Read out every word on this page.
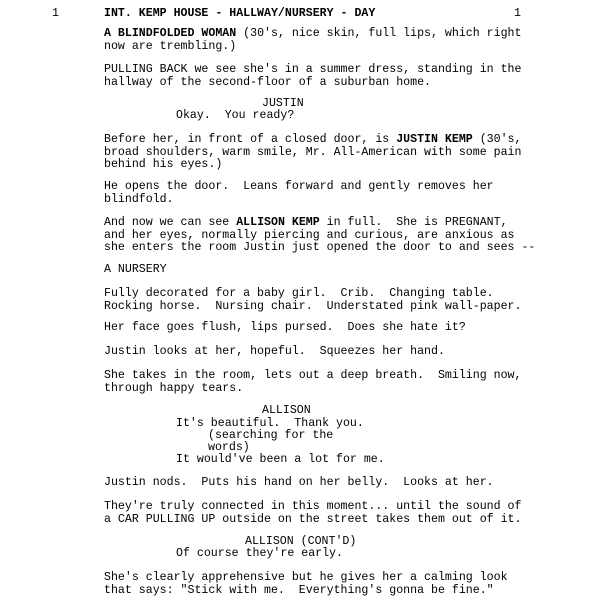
1	1
INT. KEMP HOUSE - HALLWAY/NURSERY - DAY
A BLINDFOLDED WOMAN (30's, nice skin, full lips, which right
now are trembling.)
PULLING BACK we see she's in a summer dress, standing in the
hallway of the second-floor of a suburban home.
JUSTIN
Okay.  You ready?
Before her, in front of a closed door, is JUSTIN KEMP (30's,
broad shoulders, warm smile, Mr. All-American with some pain
behind his eyes.)
He opens the door.  Leans forward and gently removes her
blindfold.
And now we can see ALLISON KEMP in full.  She is PREGNANT,
and her eyes, normally piercing and curious, are anxious as
she enters the room Justin just opened the door to and sees --
A NURSERY
Fully decorated for a baby girl.  Crib.  Changing table.
Rocking horse.  Nursing chair.  Understated pink wall-paper.
Her face goes flush, lips pursed.  Does she hate it?
Justin looks at her, hopeful.  Squeezes her hand.
She takes in the room, lets out a deep breath.  Smiling now,
through happy tears.
ALLISON
It's beautiful.  Thank you.
(searching for the
words)
It would've been a lot for me.
Justin nods.  Puts his hand on her belly.  Looks at her.
They're truly connected in this moment... until the sound of
a CAR PULLING UP outside on the street takes them out of it.
ALLISON (CONT'D)
Of course they're early.
She's clearly apprehensive but he gives her a calming look
that says: "Stick with me.  Everything's gonna be fine."
